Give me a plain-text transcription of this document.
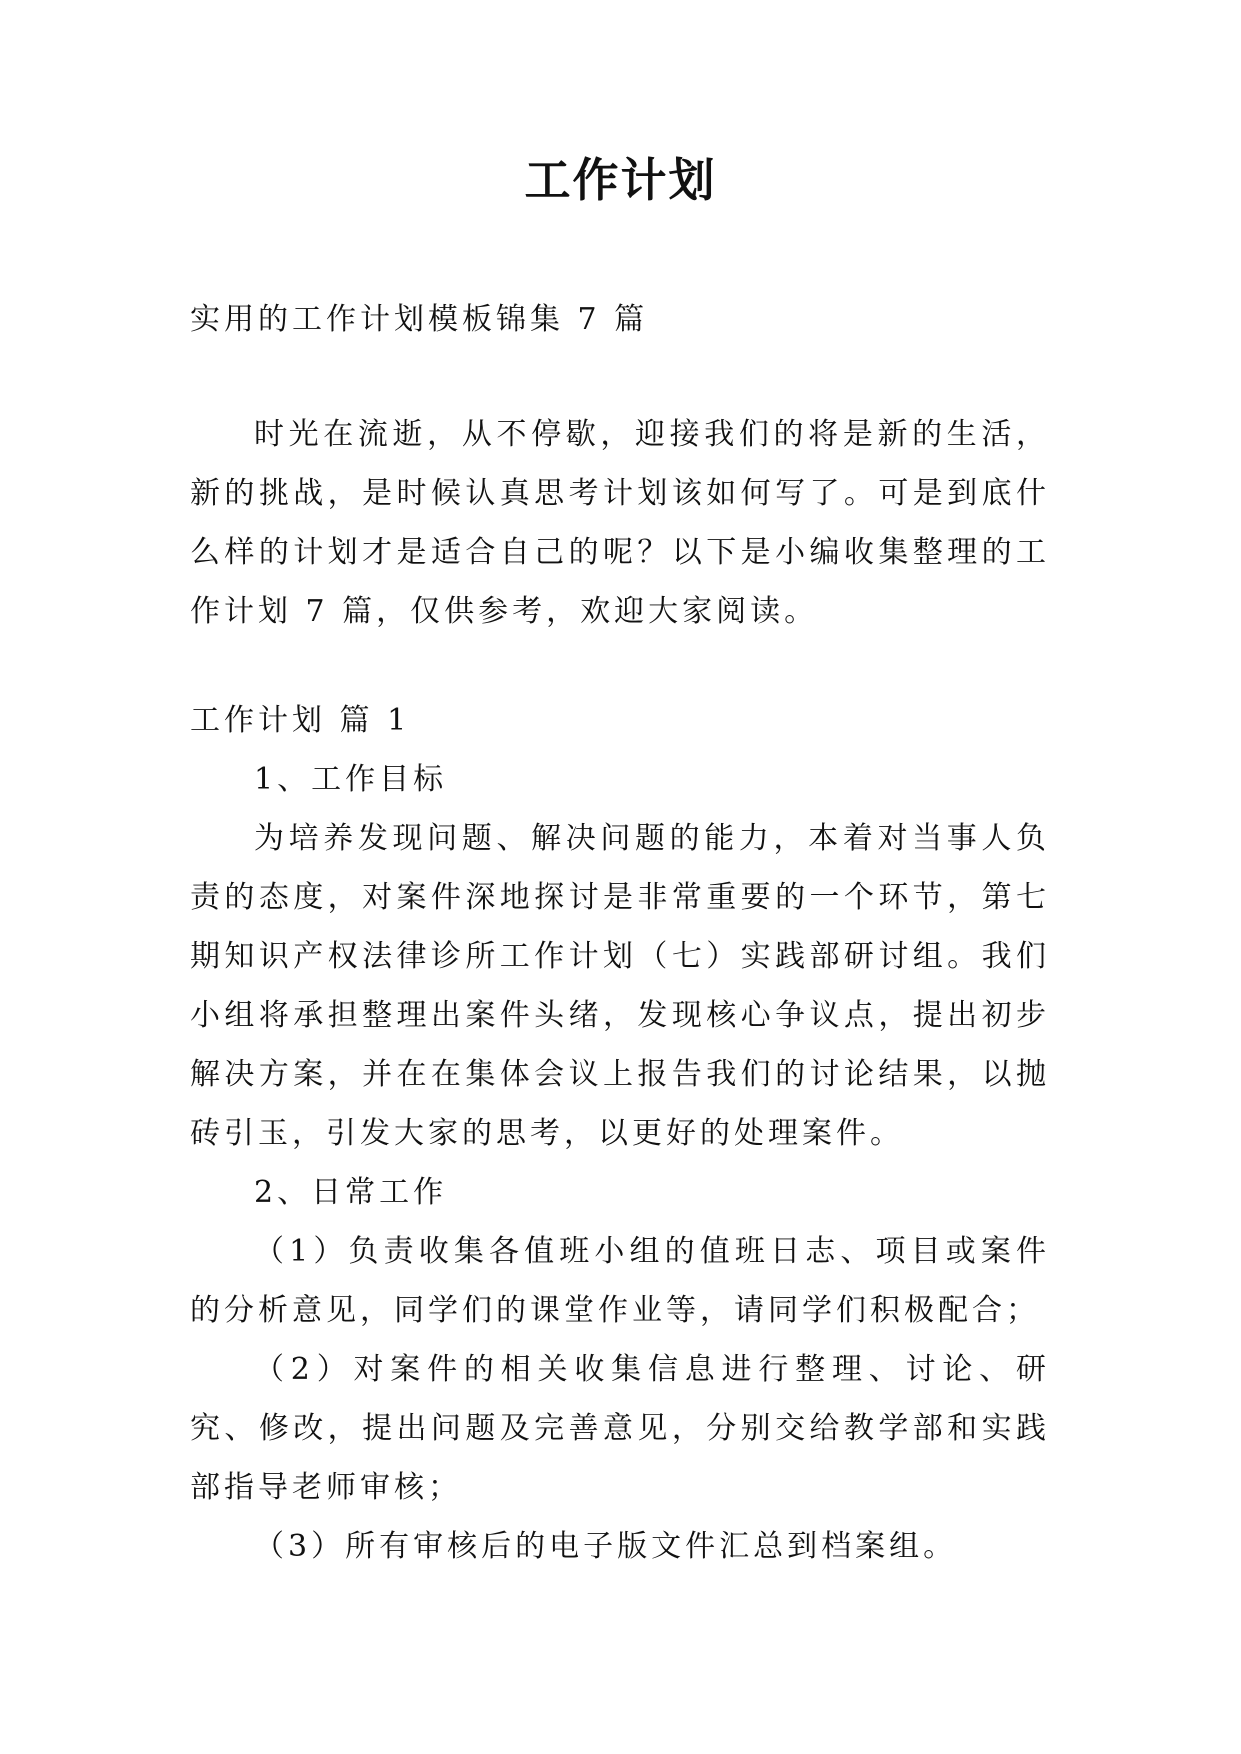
工作计划

实用的工作计划模板锦集 7 篇

时光在流逝，从不停歇，迎接我们的将是新的生活，新的挑战，是时候认真思考计划该如何写了。可是到底什么样的计划才是适合自己的呢？以下是小编收集整理的工作计划 7 篇，仅供参考，欢迎大家阅读。

工作计划 篇 1

1、工作目标

为培养发现问题、解决问题的能力，本着对当事人负责的态度，对案件深地探讨是非常重要的一个环节，第七期知识产权法律诊所工作计划（七）实践部研讨组。我们小组将承担整理出案件头绪，发现核心争议点，提出初步解决方案，并在在集体会议上报告我们的讨论结果，以抛砖引玉，引发大家的思考，以更好的处理案件。

2、日常工作

（1）负责收集各值班小组的值班日志、项目或案件的分析意见，同学们的课堂作业等，请同学们积极配合；

（2）对案件的相关收集信息进行整理、讨论、研究、修改，提出问题及完善意见，分别交给教学部和实践部指导老师审核；

（3）所有审核后的电子版文件汇总到档案组。
